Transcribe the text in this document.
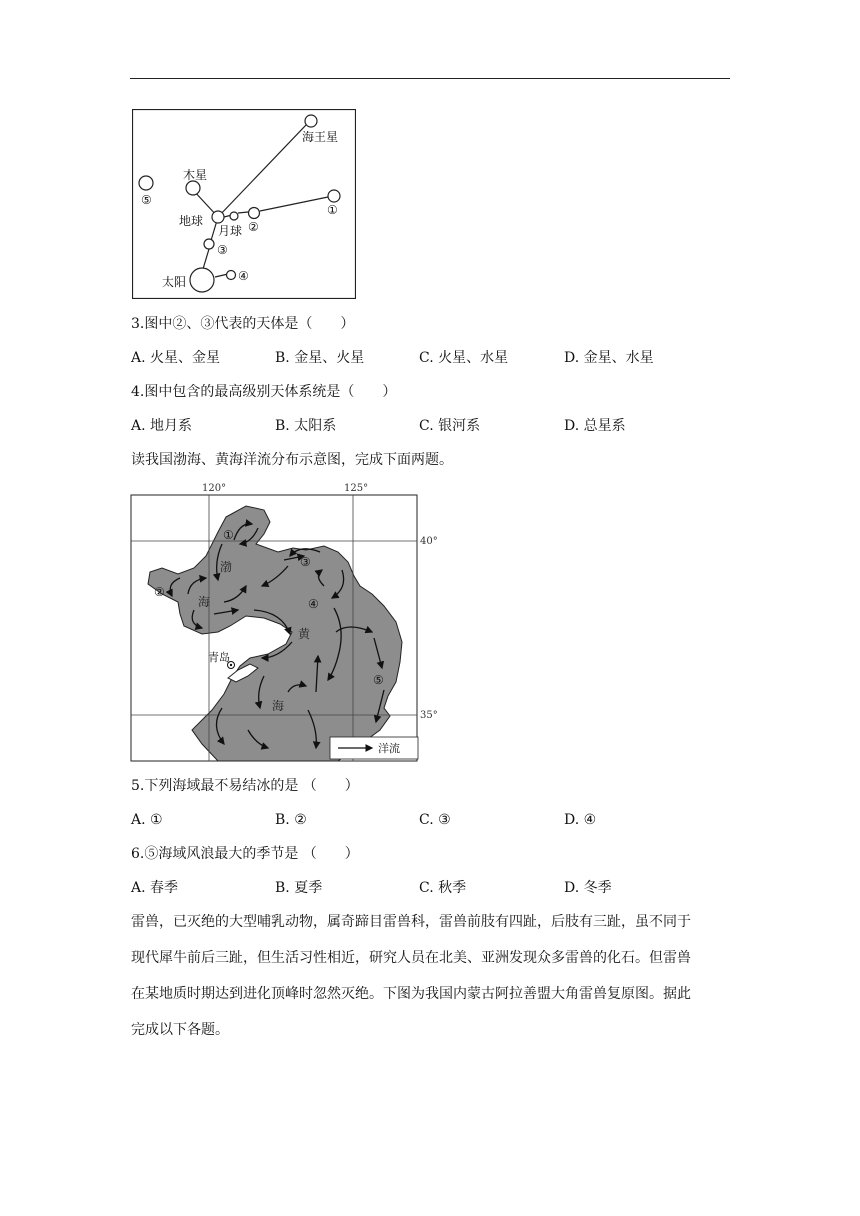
海王星
木星
⑤
地球
月球 ②
①
③
太阳	④
3.图中②、③代表的天体是（　　）
A. 火星、金星	B. 金星、火星	C. 火星、水星	D. 金星、水星
4.图中包含的最高级别天体系统是（　　）
A. 地月系	B. 太阳系	C. 银河系	D. 总星系
读我国渤海、黄海洋流分布示意图，完成下面两题。
120°	125°
40°
35°
青岛
渤
海
黄
海
①
②
③
④
⑤
洋流
5.下列海域最不易结冰的是 （　　）
A. ①	B. ②	C. ③	D. ④
6.⑤海域风浪最大的季节是 （　　）
A. 春季	B. 夏季	C. 秋季	D. 冬季
雷兽，已灭绝的大型哺乳动物，属奇蹄目雷兽科，雷兽前肢有四趾，后肢有三趾，虽不同于
现代犀牛前后三趾，但生活习性相近，研究人员在北美、亚洲发现众多雷兽的化石。但雷兽
在某地质时期达到进化顶峰时忽然灭绝。下图为我国内蒙古阿拉善盟大角雷兽复原图。据此
完成以下各题。
